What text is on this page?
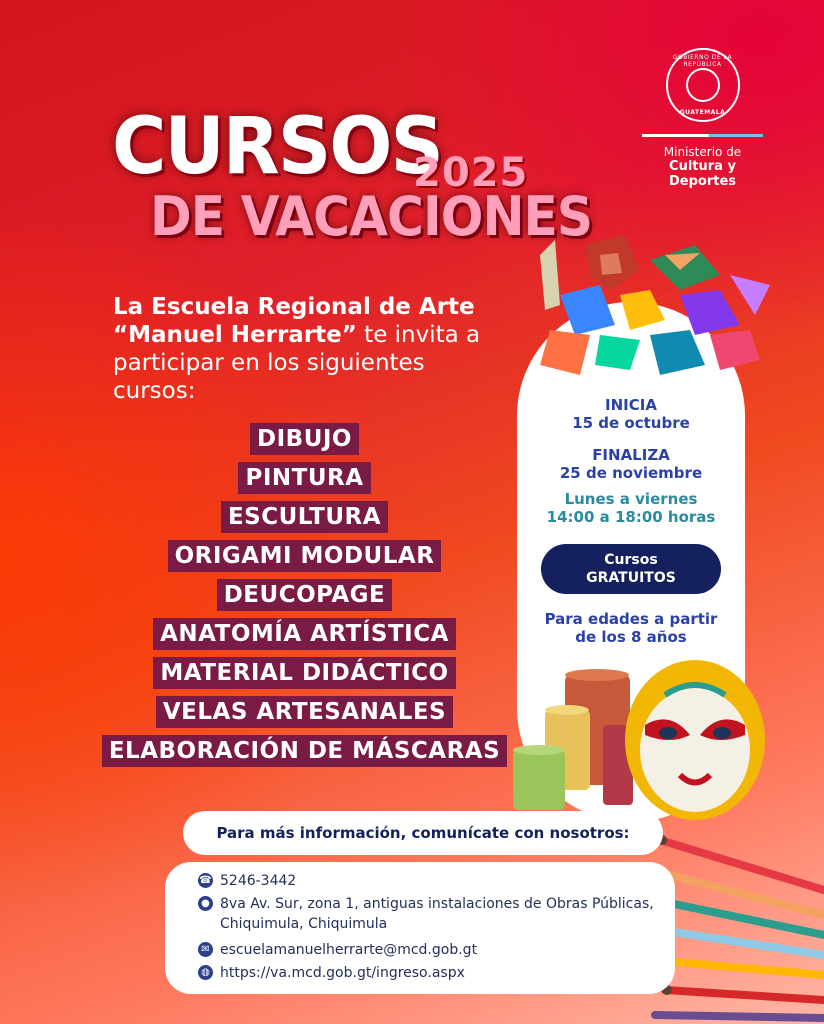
GOBIERNO DE LA REPÚBLICA
GUATEMALA
Ministerio de
Cultura y Deportes
CURSOS
2025
DE VACACIONES
La Escuela Regional de Arte
“Manuel Herrarte” te invita a
participar en los siguientes
cursos:
DIBUJO
PINTURA
ESCULTURA
ORIGAMI MODULAR
DEUCOPAGE
ANATOMÍA ARTÍSTICA
MATERIAL DIDÁCTICO
VELAS ARTESANALES
ELABORACIÓN DE MÁSCARAS
INICIA
15 de octubre
FINALIZA
25 de noviembre
Lunes a viernes
14:00 a 18:00 horas
Cursos
GRATUITOS
Para edades a partir
de los 8 años
Para más información, comunícate con nosotros:
☎ 5246-3442
● 8va Av. Sur, zona 1, antiguas instalaciones de Obras Públicas,
Chiquimula, Chiquimula
✉ escuelamanuelherrarte@mcd.gob.gt
◍ https://va.mcd.gob.gt/ingreso.aspx
